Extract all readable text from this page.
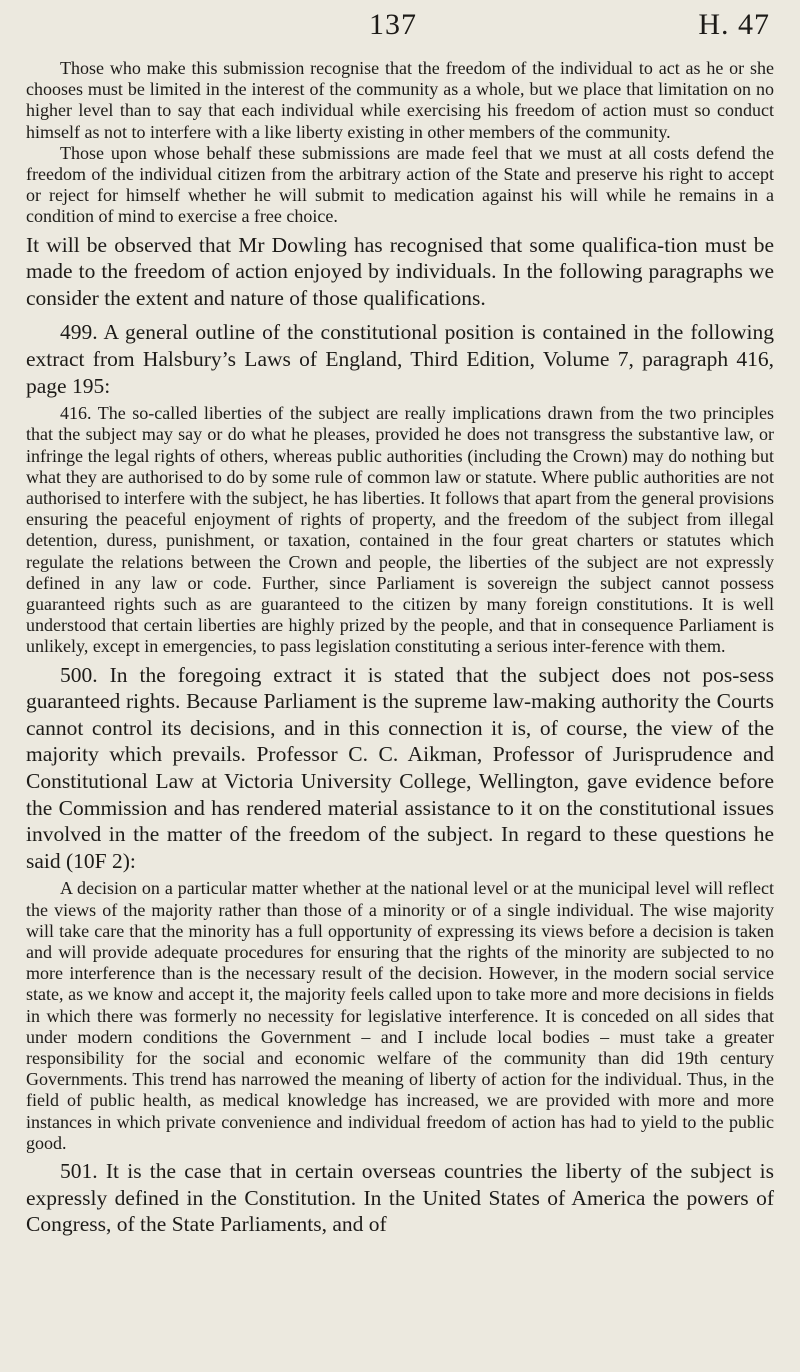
137	H. 47

Those who make this submission recognise that the freedom of the individual to act as he or she chooses must be limited in the interest of the community as a whole, but we place that limitation on no higher level than to say that each individual while exercising his freedom of action must so conduct himself as not to interfere with a like liberty existing in other members of the community.

Those upon whose behalf these submissions are made feel that we must at all costs defend the freedom of the individual citizen from the arbitrary action of the State and preserve his right to accept or reject for himself whether he will submit to medication against his will while he remains in a condition of mind to exercise a free choice.

It will be observed that Mr Dowling has recognised that some qualifica-tion must be made to the freedom of action enjoyed by individuals. In the following paragraphs we consider the extent and nature of those qualifications.

499. A general outline of the constitutional position is contained in the following extract from Halsbury’s Laws of England, Third Edition, Volume 7, paragraph 416, page 195:

416. The so-called liberties of the subject are really implications drawn from the two principles that the subject may say or do what he pleases, provided he does not transgress the substantive law, or infringe the legal rights of others, whereas public authorities (including the Crown) may do nothing but what they are authorised to do by some rule of common law or statute. Where public authorities are not authorised to interfere with the subject, he has liberties. It follows that apart from the general provisions ensuring the peaceful enjoyment of rights of property, and the freedom of the subject from illegal detention, duress, punishment, or taxation, contained in the four great charters or statutes which regulate the relations between the Crown and people, the liberties of the subject are not expressly defined in any law or code. Further, since Parliament is sovereign the subject cannot possess guaranteed rights such as are guaranteed to the citizen by many foreign constitutions. It is well understood that certain liberties are highly prized by the people, and that in consequence Parliament is unlikely, except in emergencies, to pass legislation constituting a serious inter-ference with them.

500. In the foregoing extract it is stated that the subject does not pos-sess guaranteed rights. Because Parliament is the supreme law-making authority the Courts cannot control its decisions, and in this connection it is, of course, the view of the majority which prevails. Professor C. C. Aikman, Professor of Jurisprudence and Constitutional Law at Victoria University College, Wellington, gave evidence before the Commission and has rendered material assistance to it on the constitutional issues involved in the matter of the freedom of the subject. In regard to these questions he said (10F 2):

A decision on a particular matter whether at the national level or at the municipal level will reflect the views of the majority rather than those of a minority or of a single individual. The wise majority will take care that the minority has a full opportunity of expressing its views before a decision is taken and will provide adequate procedures for ensuring that the rights of the minority are subjected to no more interference than is the necessary result of the decision. However, in the modern social service state, as we know and accept it, the majority feels called upon to take more and more decisions in fields in which there was formerly no necessity for legislative interference. It is conceded on all sides that under modern conditions the Government – and I include local bodies – must take a greater responsibility for the social and economic welfare of the community than did 19th century Governments. This trend has narrowed the meaning of liberty of action for the individual. Thus, in the field of public health, as medical knowledge has increased, we are provided with more and more instances in which private convenience and individual freedom of action has had to yield to the public good.

501. It is the case that in certain overseas countries the liberty of the subject is expressly defined in the Constitution. In the United States of America the powers of Congress, of the State Parliaments, and of
